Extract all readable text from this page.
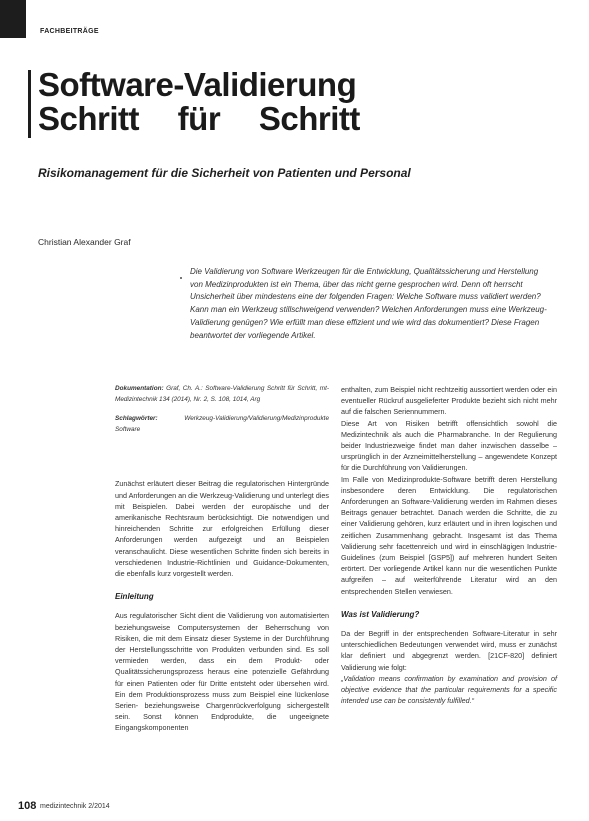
FACHBEITRÄGE
Software-Validierung
Schritt für Schritt

Risikomanagement für die Sicherheit von Patienten und Personal

Christian Alexander Graf

Die Validierung von Software Werkzeugen für die Entwicklung, Qualitätssicherung und Herstellung von Medizinprodukten ist ein Thema, über das nicht gerne gesprochen wird. Denn oft herrscht Unsicherheit über mindestens eine der folgenden Fragen: Welche Software muss validiert werden? Kann man ein Werkzeug stillschweigend verwenden? Welchen Anforderungen muss eine Werkzeug-Validierung genügen? Wie erfüllt man diese effizient und wie wird das dokumentiert? Diese Fragen beantwortet der vorliegende Artikel.

Dokumentation: Graf, Ch. A.: Software-Validierung Schritt für Schritt, mt-Medizintechnik 134 (2014), Nr. 2, S. 108, 1014, Arg

Schlagwörter:	Werkzeug-Validierung/Validierung/Medizinprodukte Software

Zunächst erläutert dieser Beitrag die regulatorischen Hintergründe und Anforderungen an die Werkzeug-Validierung und unterlegt dies mit Beispielen. Dabei werden der europäische und der amerikanische Rechtsraum berücksichtigt. Die notwendigen und hinreichenden Schritte zur erfolgreichen Erfüllung dieser Anforderungen werden aufgezeigt und an Beispielen veranschaulicht. Diese wesentlichen Schritte finden sich bereits in verschiedenen Industrie-Richtlinien und Guidance-Dokumenten, die ebenfalls kurz vorgestellt werden.

Einleitung

Aus regulatorischer Sicht dient die Validierung von automatisierten beziehungsweise Computersystemen der Beherrschung von Risiken, die mit dem Einsatz dieser Systeme in der Durchführung der Herstellungsschritte von Produkten verbunden sind. Es soll vermieden werden, dass ein dem Produkt- oder Qualitätssicherungsprozess heraus eine potenzielle Gefährdung für einen Patienten oder für Dritte entsteht oder übersehen wird. Ein dem Produktionsprozess muss zum Beispiel eine lückenlose Serien- beziehungsweise Chargenrückverfolgung sichergestellt sein. Sonst können Endprodukte, die ungeeignete Eingangskomponenten

enthalten, zum Beispiel nicht rechtzeitig aussortiert werden oder ein eventueller Rückruf ausgelieferter Produkte bezieht sich nicht mehr auf die falschen Seriennummern.

Diese Art von Risiken betrifft offensichtlich sowohl die Medizintechnik als auch die Pharmabranche. In der Regulierung beider Industriezweige findet man daher inzwischen dasselbe – ursprünglich in der Arzneimittelherstellung – angewendete Konzept für die Durchführung von Validierungen.

Im Falle von Medizinprodukte-Software betrifft deren Herstellung insbesondere deren Entwicklung. Die regulatorischen Anforderungen an Software-Validierung werden im Rahmen dieses Beitrags genauer betrachtet. Danach werden die Schritte, die zu einer Validierung gehören, kurz erläutert und in ihren logischen und zeitlichen Zusammenhang gebracht. Insgesamt ist das Thema Validierung sehr facettenreich und wird in einschlägigen Industrie-Guidelines (zum Beispiel [GSP5]) auf mehreren hundert Seiten erörtert. Der vorliegende Artikel kann nur die wesentlichen Punkte aufgreifen – auf weiterführende Literatur wird an den entsprechenden Stellen verwiesen.

Was ist Validierung?

Da der Begriff in der entsprechenden Software-Literatur in sehr unterschiedlichen Bedeutungen verwendet wird, muss er zunächst klar definiert und abgegrenzt werden. [21CF-820] definiert Validierung wie folgt:

„Validation means confirmation by examination and provision of objective evidence that the particular requirements for a specific intended use can be consistently fulfilled.“

108 medizintechnik 2/2014
